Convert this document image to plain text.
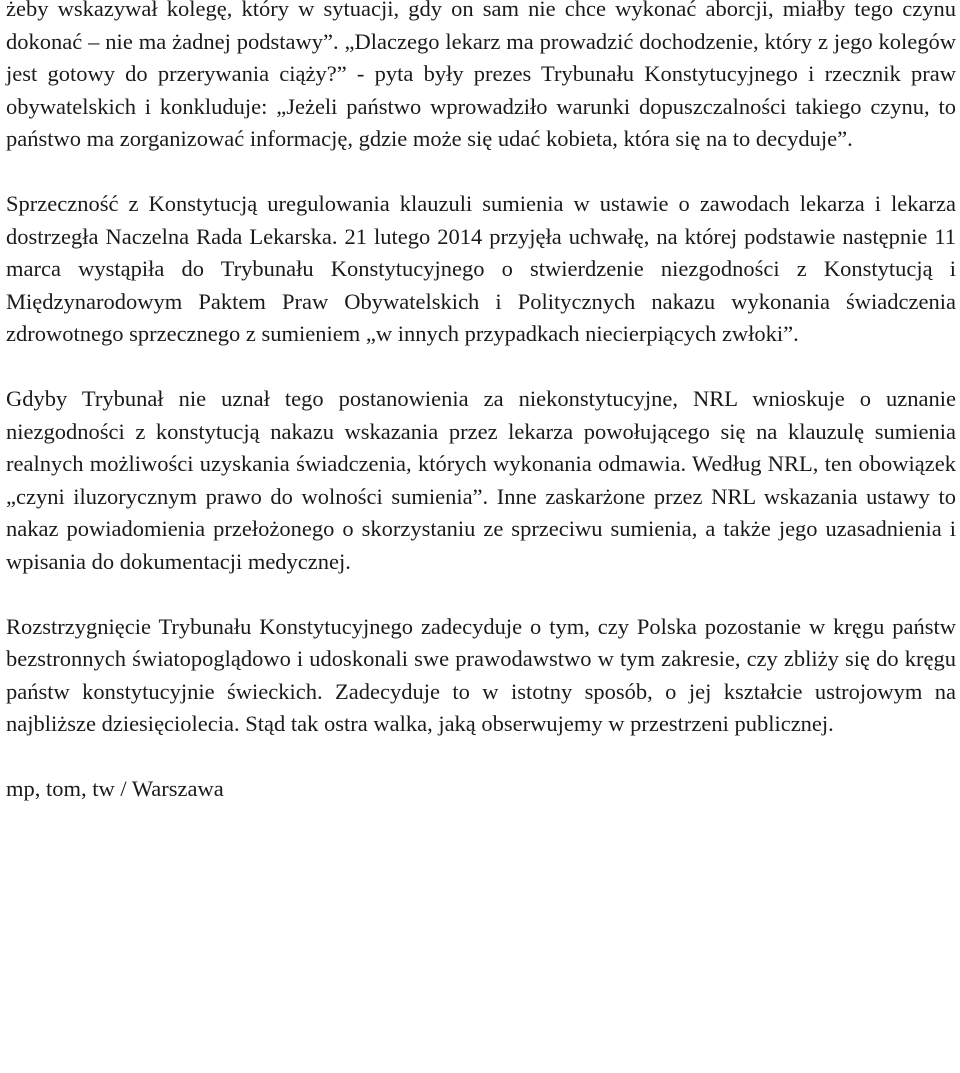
żeby wskazywał kolegę, który w sytuacji, gdy on sam nie chce wykonać aborcji, miałby tego czynu dokonać – nie ma żadnej podstawy”. „Dlaczego lekarz ma prowadzić dochodzenie, który z jego kolegów jest gotowy do przerywania ciąży?” - pyta były prezes Trybunału Konstytucyjnego i rzecznik praw obywatelskich i konkluduje: „Jeżeli państwo wprowadziło warunki dopuszczalności takiego czynu, to państwo ma zorganizować informację, gdzie może się udać kobieta, która się na to decyduje”.

Sprzeczność z Konstytucją uregulowania klauzuli sumienia w ustawie o zawodach lekarza i lekarza dostrzegła Naczelna Rada Lekarska. 21 lutego 2014 przyjęła uchwałę, na której podstawie następnie 11 marca wystąpiła do Trybunału Konstytucyjnego o stwierdzenie niezgodności z Konstytucją i Międzynarodowym Paktem Praw Obywatelskich i Politycznych nakazu wykonania świadczenia zdrowotnego sprzecznego z sumieniem „w innych przypadkach niecierpiących zwłoki”.

Gdyby Trybunał nie uznał tego postanowienia za niekonstytucyjne, NRL wnioskuje o uznanie niezgodności z konstytucją nakazu wskazania przez lekarza powołującego się na klauzulę sumienia realnych możliwości uzyskania świadczenia, których wykonania odmawia. Według NRL, ten obowiązek „czyni iluzorycznym prawo do wolności sumienia”. Inne zaskarżone przez NRL wskazania ustawy to nakaz powiadomienia przełożonego o skorzystaniu ze sprzeciwu sumienia, a także jego uzasadnienia i wpisania do dokumentacji medycznej.

Rozstrzygnięcie Trybunału Konstytucyjnego zadecyduje o tym, czy Polska pozostanie w kręgu państw bezstronnych światopoglądowo i udoskonali swe prawodawstwo w tym zakresie, czy zbliży się do kręgu państw konstytucyjnie świeckich. Zadecyduje to w istotny sposób, o jej kształcie ustrojowym na najbliższe dziesięciolecia. Stąd tak ostra walka, jaką obserwujemy w przestrzeni publicznej.

mp, tom, tw / Warszawa
